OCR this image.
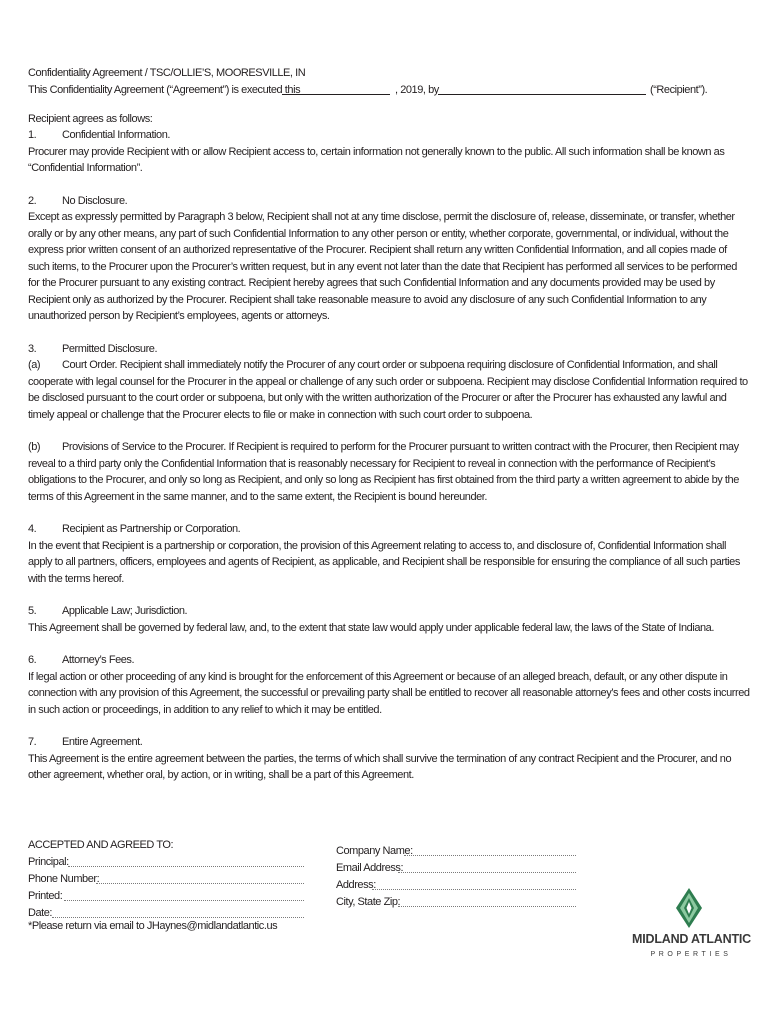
Confidentiality Agreement / TSC/OLLIE’S, MOORESVILLE, IN

This Confidentiality Agreement (“Agreement”) is executed this	, 2019, by	(“Recipient”).

Recipient agrees as follows:

1.	Confidential Information.

Procurer may provide Recipient with or allow Recipient access to, certain information not generally known to the public. All such information shall be known as “Confidential Information”.

2.	No Disclosure.

Except as expressly permitted by Paragraph 3 below, Recipient shall not at any time disclose, permit the disclosure of, release, disseminate, or transfer, whether orally or by any other means, any part of such Confidential Information to any other person or entity, whether corporate, governmental, or individual, without the express prior written consent of an authorized representative of the Procurer. Recipient shall return any written Confidential Information, and all copies made of such items, to the Procurer upon the Procurer’s written request, but in any event not later than the date that Recipient has performed all services to be performed for the Procurer pursuant to any existing contract. Recipient hereby agrees that such Confidential Information and any documents provided may be used by Recipient only as authorized by the Procurer. Recipient shall take reasonable measure to avoid any disclosure of any such Confidential Information to any unauthorized person by Recipient’s employees, agents or attorneys.

3.	Permitted Disclosure.
(a)	Court Order. Recipient shall immediately notify the Procurer of any court order or subpoena requiring disclosure of Confidential Information, and shall cooperate with legal counsel for the Procurer in the appeal or challenge of any such order or subpoena. Recipient may disclose Confidential Information required to be disclosed pursuant to the court order or subpoena, but only with the written authorization of the Procurer or after the Procurer has exhausted any lawful and timely appeal or challenge that the Procurer elects to file or make in connection with such court order to subpoena.
(b)	Provisions of Service to the Procurer. If Recipient is required to perform for the Procurer pursuant to written contract with the Procurer, then Recipient may reveal to a third party only the Confidential Information that is reasonably necessary for Recipient to reveal in connection with the performance of Recipient’s obligations to the Procurer, and only so long as Recipient, and only so long as Recipient has first obtained from the third party a written agreement to abide by the terms of this Agreement in the same manner, and to the same extent, the Recipient is bound hereunder.
4.	Recipient as Partnership or Corporation.

In the event that Recipient is a partnership or corporation, the provision of this Agreement relating to access to, and disclosure of, Confidential Information shall apply to all partners, officers, employees and agents of Recipient, as applicable, and Recipient shall be responsible for ensuring the compliance of all such parties with the terms hereof.

5.	Applicable Law; Jurisdiction.

This Agreement shall be governed by federal law, and, to the extent that state law would apply under applicable federal law, the laws of the State of Indiana.

6.	Attorney’s Fees.

If legal action or other proceeding of any kind is brought for the enforcement of this Agreement or because of an alleged breach, default, or any other dispute in connection with any provision of this Agreement, the successful or prevailing party shall be entitled to recover all reasonable attorney’s fees and other costs incurred in such action or proceedings, in addition to any relief to which it may be entitled.

7.	Entire Agreement.

This Agreement is the entire agreement between the parties, the terms of which shall survive the termination of any contract Recipient and the Procurer, and no other agreement, whether oral, by action, or in writing, shall be a part of this Agreement.

ACCEPTED AND AGREED TO:
Principal:
Phone Number:
Printed:
Date:
Company Name:
Email Address:
Address:
City, State Zip:
*Please return via email to JHaynes@midlandatlantic.us
MIDLAND ATLANTIC
PROPERTIES
